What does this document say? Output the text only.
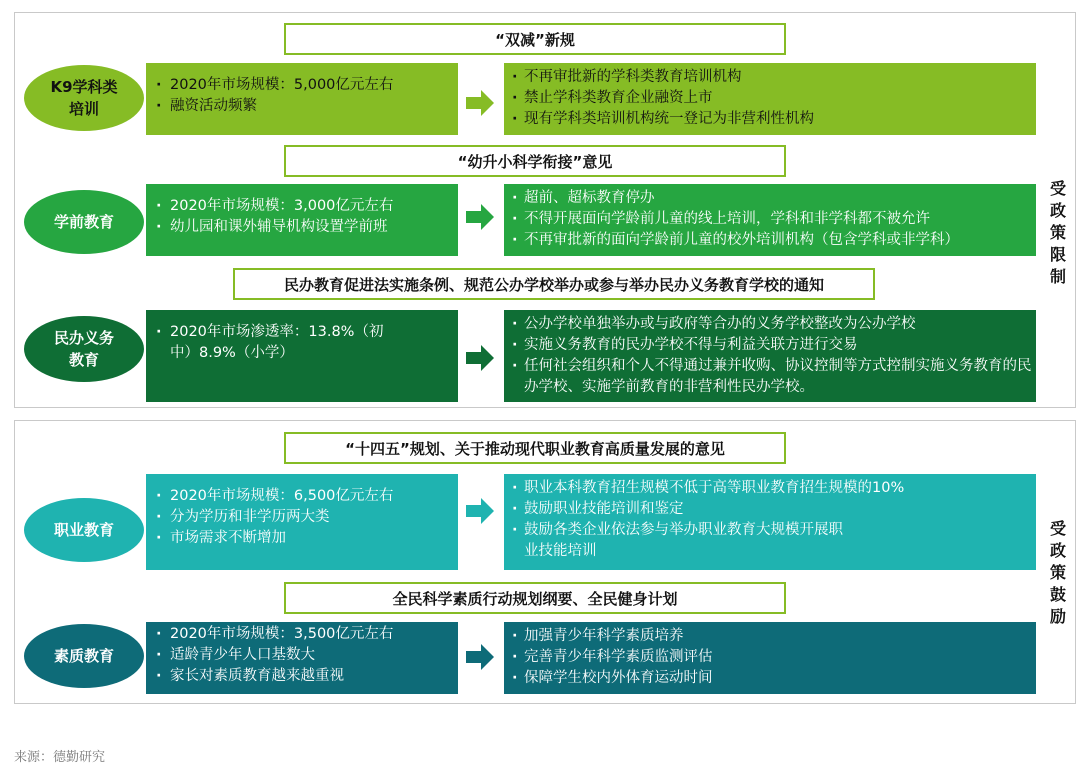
“双减”新规
K9学科类培训
· 2020年市场规模：5,000亿元左右
· 融资活动频繁
· 不再审批新的学科类教育培训机构
· 禁止学科类教育企业融资上市
· 现有学科类培训机构统一登记为非营利性机构
“幼升小科学衔接”意见
学前教育
· 2020年市场规模：3,000亿元左右
· 幼儿园和课外辅导机构设置学前班
· 超前、超标教育停办
· 不得开展面向学龄前儿童的线上培训，学科和非学科都不被允许
· 不再审批新的面向学龄前儿童的校外培训机构（包含学科或非学科）
民办教育促进法实施条例、规范公办学校举办或参与举办民办义务教育学校的通知
民办义务教育
· 2020年市场渗透率：13.8%（初中）8.9%（小学）
· 公办学校单独举办或与政府等合办的义务学校整改为公办学校
· 实施义务教育的民办学校不得与利益关联方进行交易
· 任何社会组织和个人不得通过兼并收购、协议控制等方式控制实施义务教育的民办学校、实施学前教育的非营利性民办学校。
受政策限制
“十四五”规划、关于推动现代职业教育高质量发展的意见
职业教育
· 2020年市场规模：6,500亿元左右
· 分为学历和非学历两大类
· 市场需求不断增加
· 职业本科教育招生规模不低于高等职业教育招生规模的10%
· 鼓励职业技能培训和鉴定
· 鼓励各类企业依法参与举办职业教育大规模开展职业技能培训
全民科学素质行动规划纲要、全民健身计划
素质教育
· 2020年市场规模：3,500亿元左右
· 适龄青少年人口基数大
· 家长对素质教育越来越重视
· 加强青少年科学素质培养
· 完善青少年科学素质监测评估
· 保障学生校内外体育运动时间
受政策鼓励
来源：德勤研究
